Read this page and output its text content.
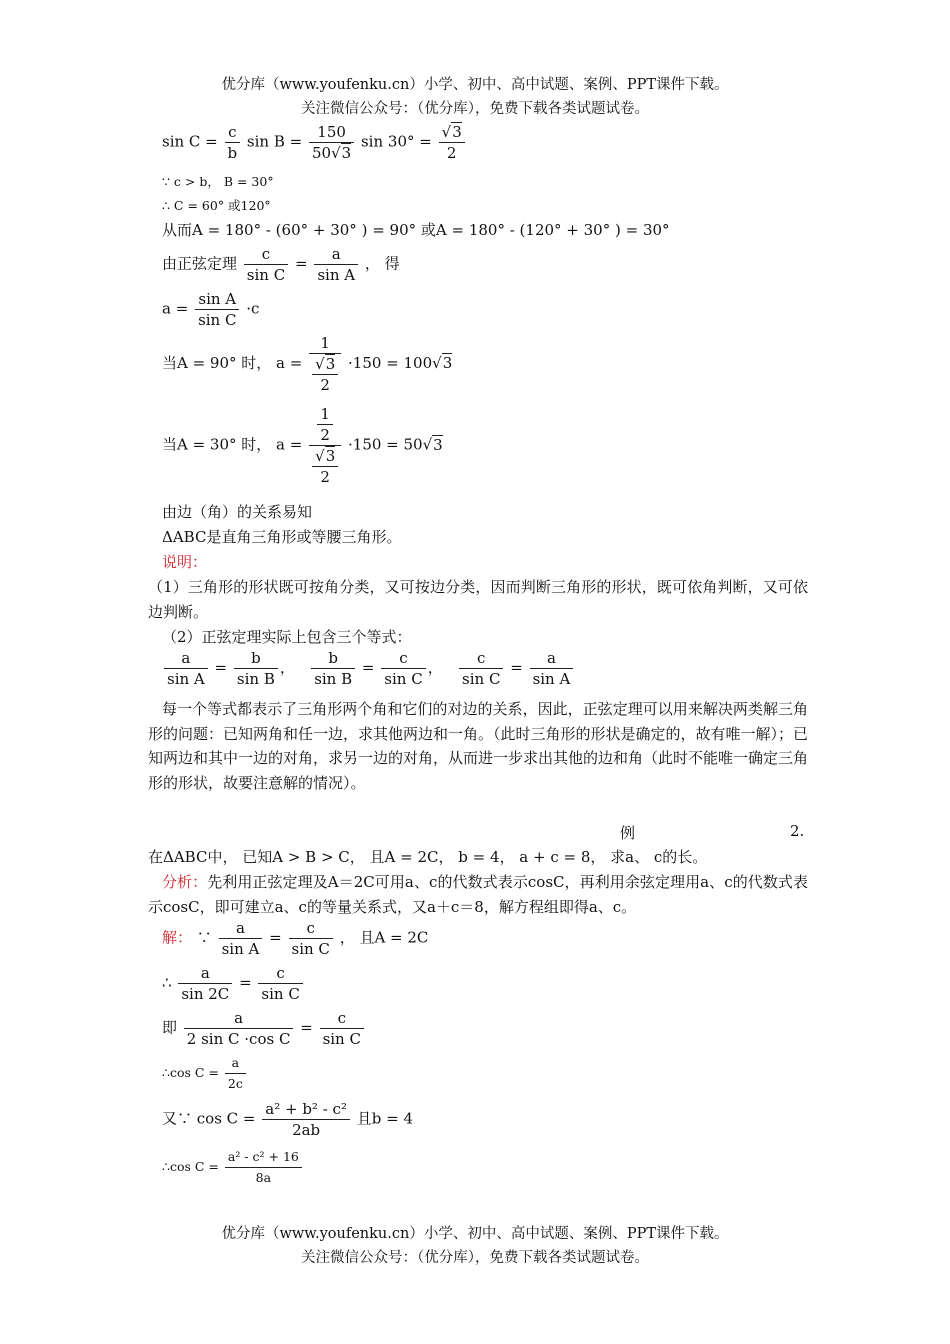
优分库（www.youfenku.cn）小学、初中、高中试题、案例、PPT课件下载。
关注微信公众号：（优分库），免费下载各类试题试卷。
$\sin C = \frac{c}{b}$ $\sin B = \frac{150}{50√3}$ $\sin 30^\circ = \frac{√3}{2}$
∵ c > b， B = 30°
∴ C = 60° 或120°
从而A = 180° - (60° + 30° ) = 90° 或A = 180° - (120° + 30° ) = 30°
由正弦定理 $\frac{c}{\text{sin C}} = \frac{a}{\text{sin A}}$ ， 得
$a = \frac{\text{sin A}}{\text{sin C}} \cdot c$
当A = 90° 时， $a = \frac{1}{\frac{√3}{2}} \cdot 150 = 100√3$
当A = 30° 时， $a = \frac{\frac{1}{2}}{\frac{√3}{2}} \cdot 150 = 50√3$
由边（角）的关系易知
ΔABC是直角三角形或等腰三角形。
说明：
（1）三角形的形状既可按角分类，又可按边分类，因而判断三角形的形状，既可依角判断，又可依边判断。
（2）正弦定理实际上包含三个等式：
$\frac{a}{\text{sin A}} = \frac{b}{\text{sin B}}$ ， $\frac{b}{\text{sin B}} = \frac{c}{\text{sin C}}$ ， $\frac{c}{\text{sin C}} = \frac{a}{\text{sin A}}$
每一个等式都表示了三角形两个角和它们的对边的关系，因此，正弦定理可以用来解决两类解三角形的问题：已知两角和任一边，求其他两边和一角。（此时三角形的形状是确定的，故有唯一解）；已知两边和其中一边的对角，求另一边的对角，从而进一步求出其他的边和角（此时不能唯一确定三角形的形状，故要注意解的情况）。
例	2.
在ΔABC中， 已知A > B > C， 且A = 2C， b = 4， a + c = 8， 求a、 c的长。
分析：先利用正弦定理及A＝2C可用a、c的代数式表示cosC，再利用余弦定理用a、c的代数式表示cosC，即可建立a、c的等量关系式，又a＋c＝8，解方程组即得a、c。
解： ∵ $\frac{a}{\text{sin A}} = \frac{c}{\text{sin C}}$ ， 且A = 2C
∴ $\frac{a}{\sin 2C} = \frac{c}{\text{sin C}}$
即 $\frac{a}{\text{2 sin C ·cos C}} = \frac{c}{\text{sin C}}$
∴cos $C = \frac{a}{2c}$
又∵ $\cos C = \frac{\text{a² + b² - c²}}{2ab}$ 且b = 4
∴cos $C = \frac{\text{a² - c² + 16}}{8a}$
优分库（www.youfenku.cn）小学、初中、高中试题、案例、PPT课件下载。
关注微信公众号：（优分库），免费下载各类试题试卷。
